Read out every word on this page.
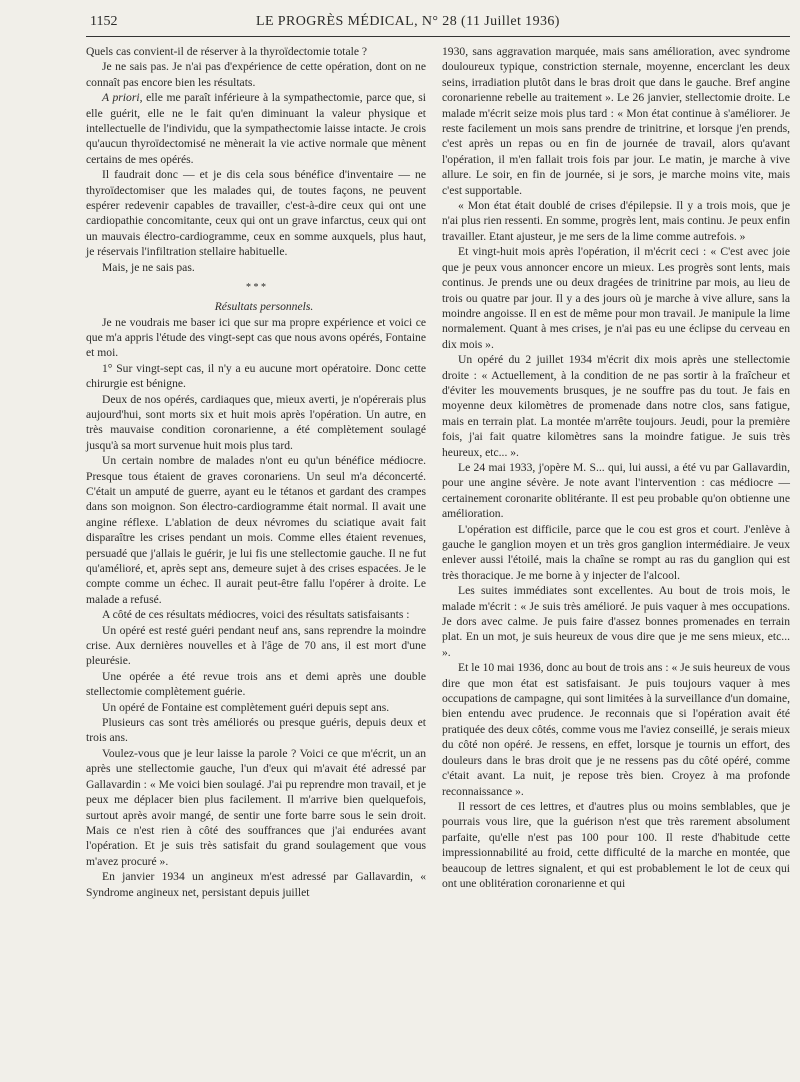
1152	LE PROGRÈS MÉDICAL, N° 28 (11 Juillet 1936)

Quels cas convient-il de réserver à la thyroïdectomie totale ?

Je ne sais pas. Je n'ai pas d'expérience de cette opération, dont on ne connaît pas encore bien les résultats.

A priori, elle me paraît inférieure à la sympathectomie, parce que, si elle guérit, elle ne le fait qu'en diminuant la valeur physique et intellectuelle de l'individu, que la sympathectomie laisse intacte. Je crois qu'aucun thyroïdectomisé ne mènerait la vie active normale que mènent certains de mes opérés.

Il faudrait donc — et je dis cela sous bénéfice d'inventaire — ne thyroïdectomiser que les malades qui, de toutes façons, ne peuvent espérer redevenir capables de travailler, c'est-à-dire ceux qui ont une cardiopathie concomitante, ceux qui ont un grave infarctus, ceux qui ont un mauvais électro-cardiogramme, ceux en somme auxquels, plus haut, je réservais l'infiltration stellaire habituelle.

Mais, je ne sais pas.

* * *

Résultats personnels.

Je ne voudrais me baser ici que sur ma propre expérience et voici ce que m'a appris l'étude des vingt-sept cas que nous avons opérés, Fontaine et moi.

1° Sur vingt-sept cas, il n'y a eu aucune mort opératoire. Donc cette chirurgie est bénigne.

Deux de nos opérés, cardiaques que, mieux averti, je n'opérerais plus aujourd'hui, sont morts six et huit mois après l'opération. Un autre, en très mauvaise condition coronarienne, a été complètement soulagé jusqu'à sa mort survenue huit mois plus tard.

Un certain nombre de malades n'ont eu qu'un bénéfice médiocre. Presque tous étaient de graves coronariens. Un seul m'a déconcerté. C'était un amputé de guerre, ayant eu le tétanos et gardant des crampes dans son moignon. Son électro-cardiogramme était normal. Il avait une angine réflexe. L'ablation de deux névromes du sciatique avait fait disparaître les crises pendant un mois. Comme elles étaient revenues, persuadé que j'allais le guérir, je lui fis une stellectomie gauche. Il ne fut qu'amélioré, et, après sept ans, demeure sujet à des crises espacées. Je le compte comme un échec. Il aurait peut-être fallu l'opérer à droite. Le malade a refusé.

A côté de ces résultats médiocres, voici des résultats satisfaisants :

Un opéré est resté guéri pendant neuf ans, sans reprendre la moindre crise. Aux dernières nouvelles et à l'âge de 70 ans, il est mort d'une pleurésie.

Une opérée a été revue trois ans et demi après une double stellectomie complètement guérie.

Un opéré de Fontaine est complètement guéri depuis sept ans.

Plusieurs cas sont très améliorés ou presque guéris, depuis deux et trois ans.

Voulez-vous que je leur laisse la parole ? Voici ce que m'écrit, un an après une stellectomie gauche, l'un d'eux qui m'avait été adressé par Gallavardin : « Me voici bien soulagé. J'ai pu reprendre mon travail, et je peux me déplacer bien plus facilement. Il m'arrive bien quelquefois, surtout après avoir mangé, de sentir une forte barre sous le sein droit. Mais ce n'est rien à côté des souffrances que j'ai endurées avant l'opération. Et je suis très satisfait du grand soulagement que vous m'avez procuré ».

En janvier 1934 un angineux m'est adressé par Gallavardin, « Syndrome angineux net, persistant depuis juillet

1930, sans aggravation marquée, mais sans amélioration, avec syndrome douloureux typique, constriction sternale, moyenne, encerclant les deux seins, irradiation plutôt dans le bras droit que dans le gauche. Bref angine coronarienne rebelle au traitement ». Le 26 janvier, stellectomie droite. Le malade m'écrit seize mois plus tard : « Mon état continue à s'améliorer. Je reste facilement un mois sans prendre de trinitrine, et lorsque j'en prends, c'est après un repas ou en fin de journée de travail, alors qu'avant l'opération, il m'en fallait trois fois par jour. Le matin, je marche à vive allure. Le soir, en fin de journée, si je sors, je marche moins vite, mais c'est supportable.

« Mon état était doublé de crises d'épilepsie. Il y a trois mois, que je n'ai plus rien ressenti. En somme, progrès lent, mais continu. Je peux enfin travailler. Etant ajusteur, je me sers de la lime comme autrefois. »

Et vingt-huit mois après l'opération, il m'écrit ceci : « C'est avec joie que je peux vous annoncer encore un mieux. Les progrès sont lents, mais continus. Je prends une ou deux dragées de trinitrine par mois, au lieu de trois ou quatre par jour. Il y a des jours où je marche à vive allure, sans la moindre angoisse. Il en est de même pour mon travail. Je manipule la lime normalement. Quant à mes crises, je n'ai pas eu une éclipse du cerveau en dix mois ».

Un opéré du 2 juillet 1934 m'écrit dix mois après une stellectomie droite : « Actuellement, à la condition de ne pas sortir à la fraîcheur et d'éviter les mouvements brusques, je ne souffre pas du tout. Je fais en moyenne deux kilomètres de promenade dans notre clos, sans fatigue, mais en terrain plat. La montée m'arrête toujours. Jeudi, pour la première fois, j'ai fait quatre kilomètres sans la moindre fatigue. Je suis très heureux, etc... ».

Le 24 mai 1933, j'opère M. S... qui, lui aussi, a été vu par Gallavardin, pour une angine sévère. Je note avant l'intervention : cas médiocre — certainement coronarite oblitérante. Il est peu probable qu'on obtienne une amélioration.

L'opération est difficile, parce que le cou est gros et court. J'enlève à gauche le ganglion moyen et un très gros ganglion intermédiaire. Je veux enlever aussi l'étoilé, mais la chaîne se rompt au ras du ganglion qui est très thoracique. Je me borne à y injecter de l'alcool.

Les suites immédiates sont excellentes. Au bout de trois mois, le malade m'écrit : « Je suis très amélioré. Je puis vaquer à mes occupations. Je dors avec calme. Je puis faire d'assez bonnes promenades en terrain plat. En un mot, je suis heureux de vous dire que je me sens mieux, etc... ».

Et le 10 mai 1936, donc au bout de trois ans : « Je suis heureux de vous dire que mon état est satisfaisant. Je puis toujours vaquer à mes occupations de campagne, qui sont limitées à la surveillance d'un domaine, bien entendu avec prudence. Je reconnais que si l'opération avait été pratiquée des deux côtés, comme vous me l'aviez conseillé, je serais mieux du côté non opéré. Je ressens, en effet, lorsque je tournis un effort, des douleurs dans le bras droit que je ne ressens pas du côté opéré, comme c'était avant. La nuit, je repose très bien. Croyez à ma profonde reconnaissance ».

Il ressort de ces lettres, et d'autres plus ou moins semblables, que je pourrais vous lire, que la guérison n'est que très rarement absolument parfaite, qu'elle n'est pas 100 pour 100. Il reste d'habitude cette impressionnabilité au froid, cette difficulté de la marche en montée, que beaucoup de lettres signalent, et qui est probablement le lot de ceux qui ont une oblitération coronarienne et qui
